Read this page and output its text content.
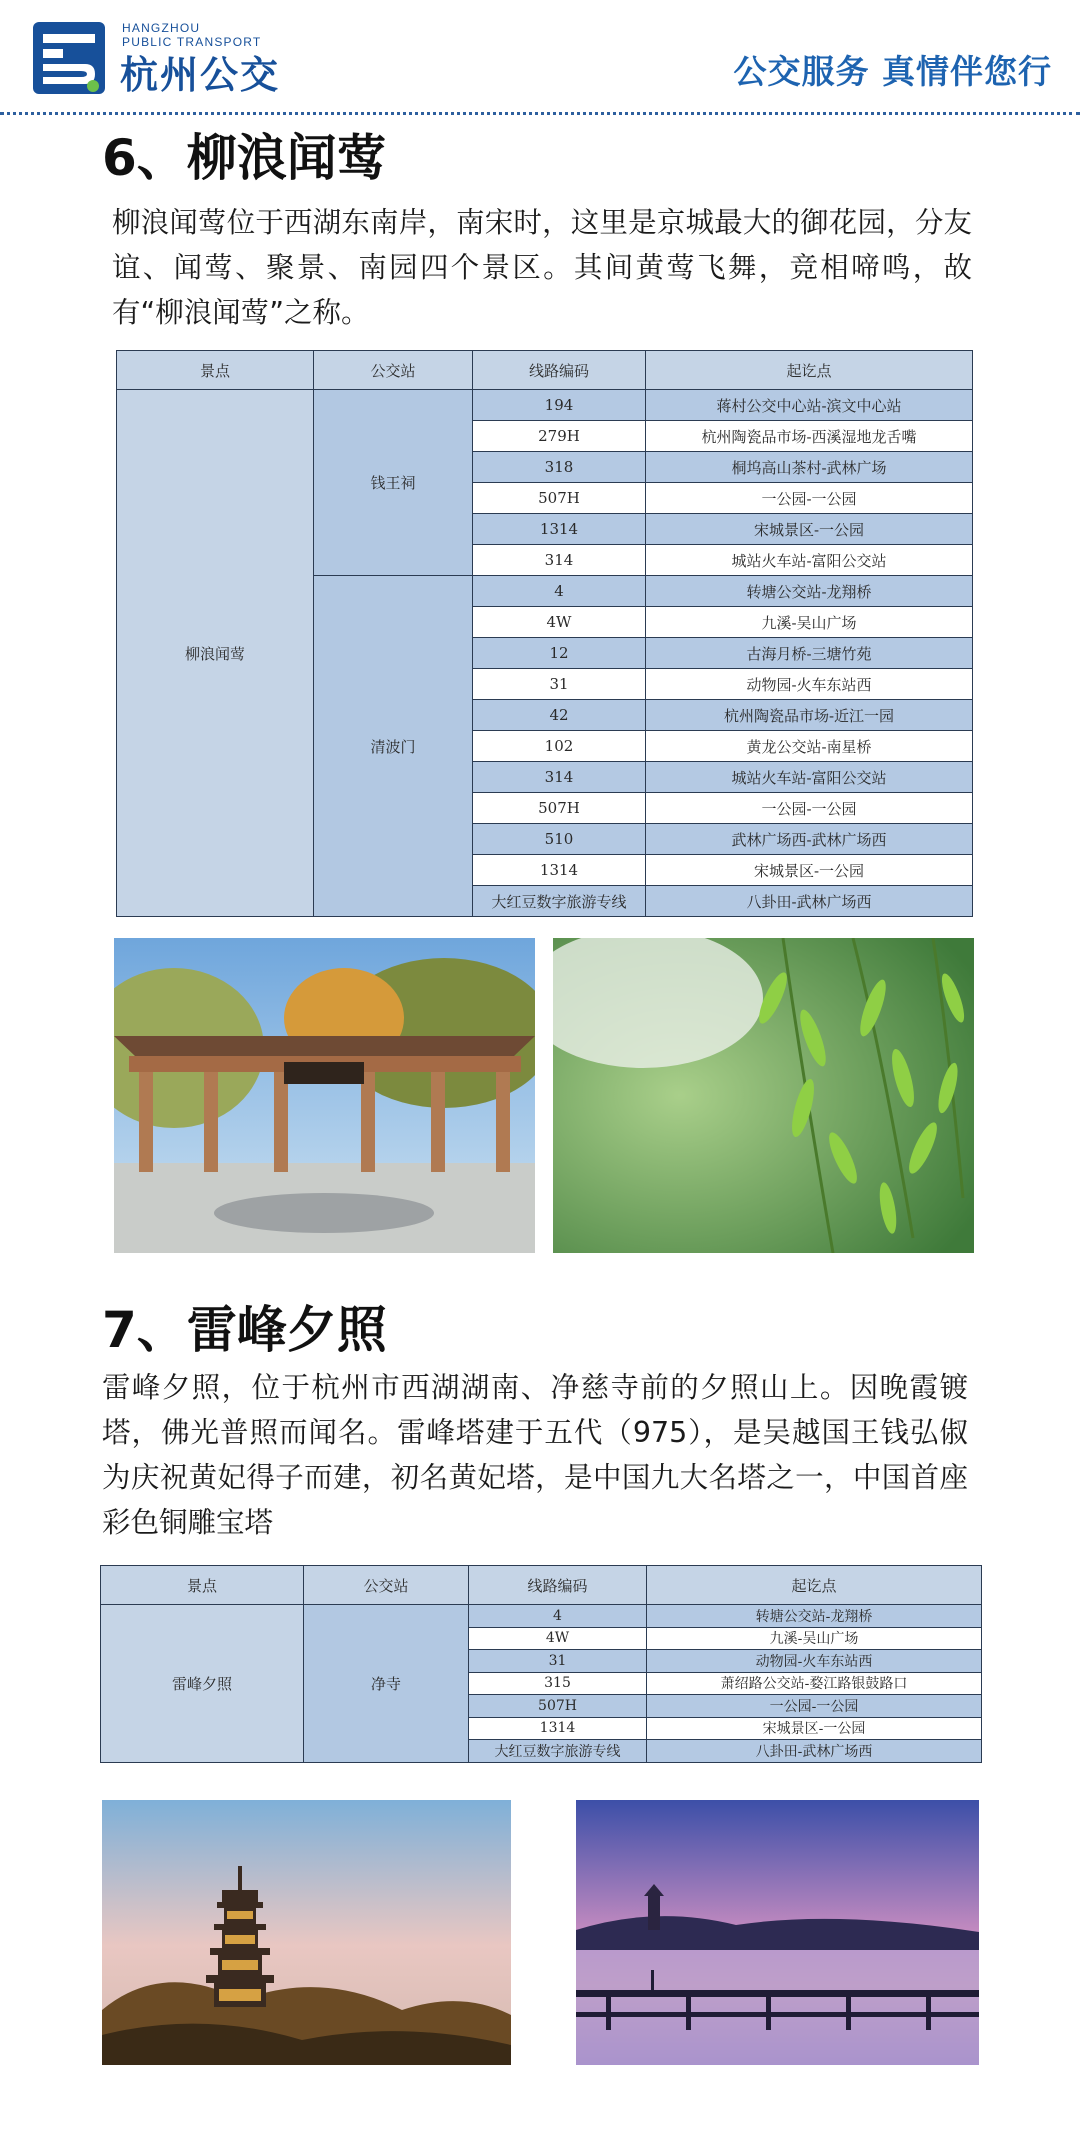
HANGZHOU
PUBLIC TRANSPORT
杭州公交	公交服务 真情伴您行
6、柳浪闻莺

柳浪闻莺位于西湖东南岸，南宋时，这里是京城最大的御花园，分友谊、闻莺、聚景、南园四个景区。其间黄莺飞舞，竞相啼鸣，故有“柳浪闻莺”之称。

景点	公交站	线路编码	起讫点
柳浪闻莺	钱王祠	194	蒋村公交中心站-滨文中心站
		279H	杭州陶瓷品市场-西溪湿地龙舌嘴
		318	桐坞高山茶村-武林广场
		507H	一公园-一公园
		1314	宋城景区-一公园
		314	城站火车站-富阳公交站
	清波门	4	转塘公交站-龙翔桥
		4W	九溪-吴山广场
		12	古海月桥-三塘竹苑
		31	动物园-火车东站西
		42	杭州陶瓷品市场-近江一园
		102	黄龙公交站-南星桥
		314	城站火车站-富阳公交站
		507H	一公园-一公园
		510	武林广场西-武林广场西
		1314	宋城景区-一公园
		大红豆数字旅游专线	八卦田-武林广场西
7、雷峰夕照

雷峰夕照，位于杭州市西湖湖南、净慈寺前的夕照山上。因晚霞镀塔，佛光普照而闻名。雷峰塔建于五代（975），是吴越国王钱弘俶为庆祝黄妃得子而建，初名黄妃塔，是中国九大名塔之一，中国首座彩色铜雕宝塔

景点	公交站	线路编码	起讫点
雷峰夕照	净寺	4	转塘公交站-龙翔桥
		4W	九溪-吴山广场
		31	动物园-火车东站西
		315	萧绍路公交站-婺江路银鼓路口
		507H	一公园-一公园
		1314	宋城景区-一公园
		大红豆数字旅游专线	八卦田-武林广场西
